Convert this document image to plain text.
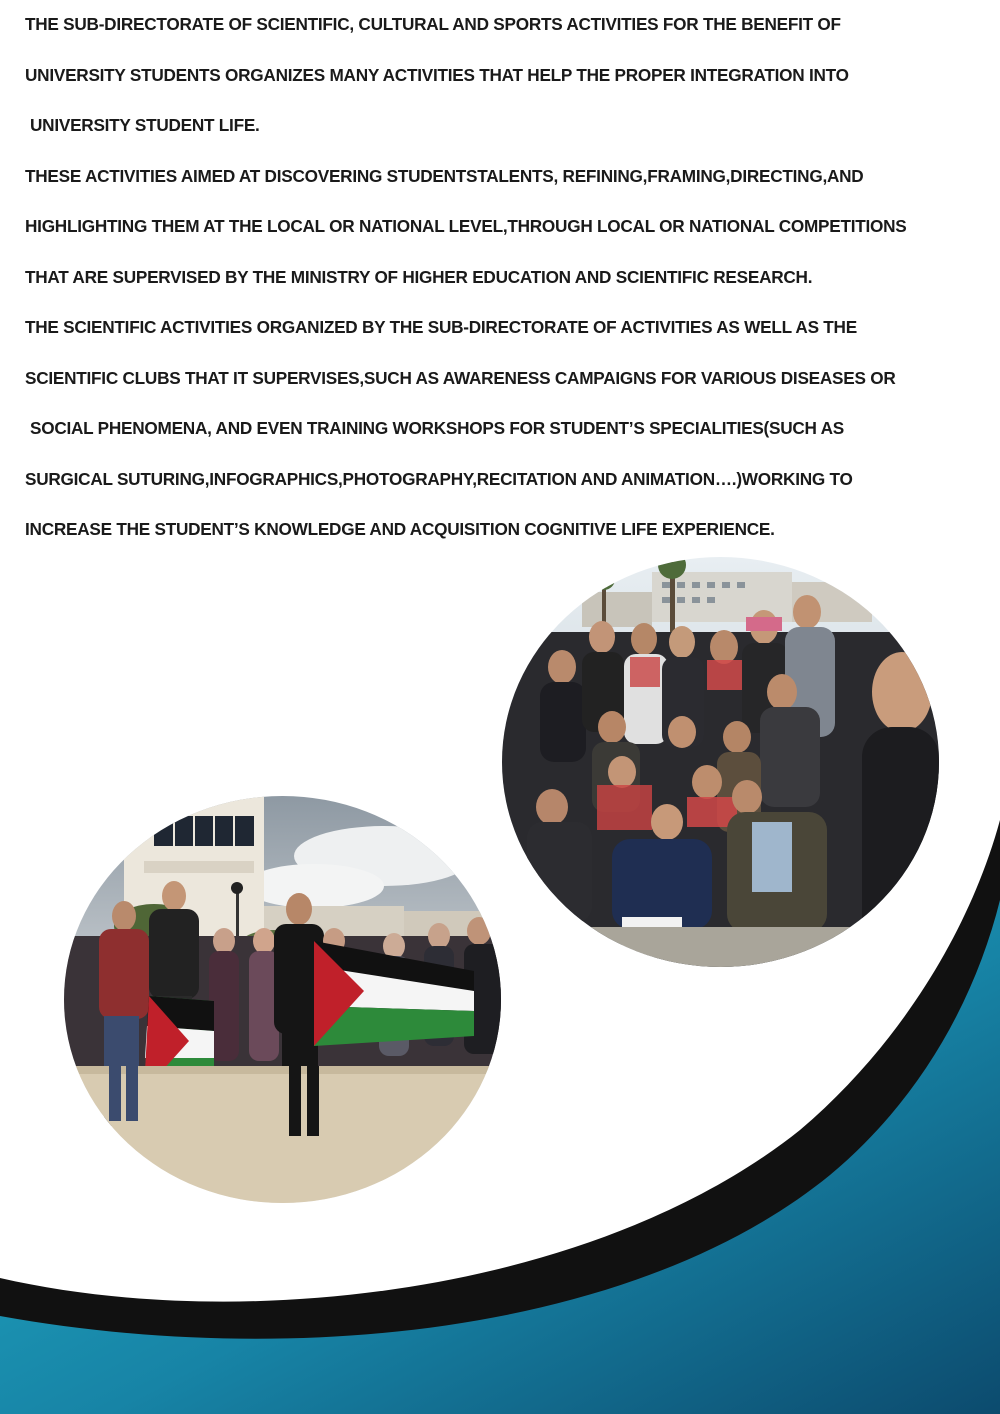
THE SUB-DIRECTORATE OF SCIENTIFIC, CULTURAL AND SPORTS ACTIVITIES FOR THE BENEFIT OF
UNIVERSITY STUDENTS ORGANIZES MANY ACTIVITIES THAT HELP THE PROPER INTEGRATION INTO
UNIVERSITY STUDENT LIFE.
THESE ACTIVITIES AIMED AT DISCOVERING STUDENTSTALENTS, REFINING,FRAMING,DIRECTING,AND
HIGHLIGHTING THEM AT THE LOCAL OR NATIONAL LEVEL,THROUGH LOCAL OR NATIONAL COMPETITIONS
THAT ARE SUPERVISED BY THE MINISTRY OF HIGHER EDUCATION AND SCIENTIFIC RESEARCH.
THE SCIENTIFIC ACTIVITIES ORGANIZED BY THE SUB-DIRECTORATE OF ACTIVITIES AS WELL AS THE
SCIENTIFIC CLUBS THAT IT SUPERVISES,SUCH AS AWARENESS CAMPAIGNS FOR VARIOUS DISEASES OR
SOCIAL PHENOMENA, AND EVEN TRAINING WORKSHOPS FOR STUDENT’S SPECIALITIES(SUCH AS
SURGICAL SUTURING,INFOGRAPHICS,PHOTOGRAPHY,RECITATION AND ANIMATION….)WORKING TO
INCREASE THE STUDENT’S KNOWLEDGE AND ACQUISITION COGNITIVE LIFE EXPERIENCE.
